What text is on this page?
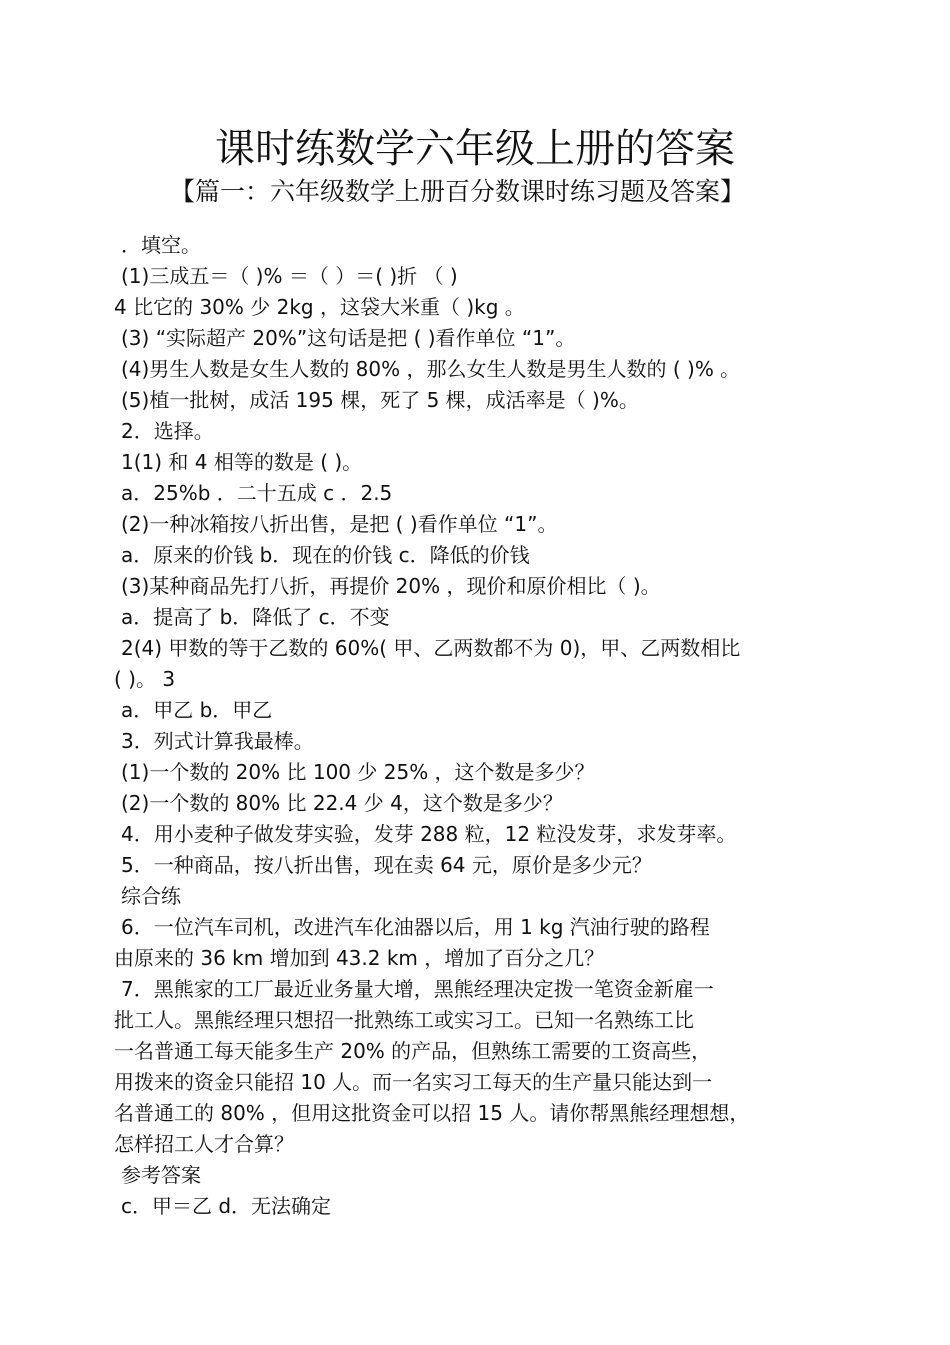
课时练数学六年级上册的答案
【篇一：六年级数学上册百分数课时练习题及答案】
．填空。
(1)三成五＝（ )% ＝（ ）＝( )折 （ )
4 比它的 30% 少 2kg ，这袋大米重（ )kg 。
(3) “实际超产 20%”这句话是把 ( )看作单位 “1”。
(4)男生人数是女生人数的 80% ，那么女生人数是男生人数的 ( )% 。
(5)植一批树，成活 195 棵，死了 5 棵，成活率是（ )%。
2．选择。
1(1) 和 4 相等的数是 ( )。
a．25%b ．二十五成 c ．2.5
(2)一种冰箱按八折出售，是把 ( )看作单位 “1”。
a．原来的价钱 b．现在的价钱 c．降低的价钱
(3)某种商品先打八折，再提价 20% ，现价和原价相比（ )。
a．提高了 b．降低了 c．不变
2(4) 甲数的等于乙数的 60%( 甲、乙两数都不为 0)，甲、乙两数相比
( )。 3
a．甲乙 b．甲乙
3．列式计算我最棒。
(1)一个数的 20% 比 100 少 25% ，这个数是多少？
(2)一个数的 80% 比 22.4 少 4，这个数是多少？
4．用小麦种子做发芽实验，发芽 288 粒，12 粒没发芽，求发芽率。
5．一种商品，按八折出售，现在卖 64 元，原价是多少元？
综合练
6．一位汽车司机，改进汽车化油器以后，用 1 kg 汽油行驶的路程
由原来的 36 km 增加到 43.2 km ，增加了百分之几？
7．黑熊家的工厂最近业务量大增，黑熊经理决定拨一笔资金新雇一
批工人。黑熊经理只想招一批熟练工或实习工。已知一名熟练工比
一名普通工每天能多生产 20% 的产品，但熟练工需要的工资高些，
用拨来的资金只能招 10 人。而一名实习工每天的生产量只能达到一
名普通工的 80% ，但用这批资金可以招 15 人。请你帮黑熊经理想想，
怎样招工人才合算？
参考答案
c．甲＝乙 d．无法确定
